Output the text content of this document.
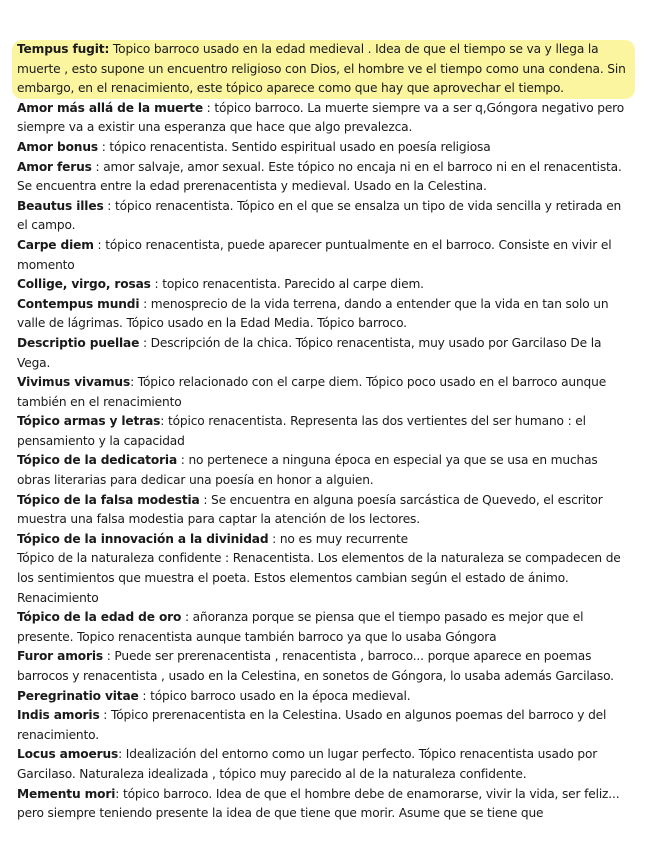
Tempus fugit: Topico barroco usado en la edad medieval . Idea de que el tiempo se va y llega la muerte , esto supone un encuentro religioso con Dios, el hombre ve el tiempo como una condena. Sin embargo, en el renacimiento, este tópico aparece como que hay que aprovechar el tiempo.

Amor más allá de la muerte : tópico barroco. La muerte siempre va a ser q,Góngora negativo pero siempre va a existir una esperanza que hace que algo prevalezca.

Amor bonus : tópico renacentista. Sentido espiritual usado en poesía religiosa

Amor ferus : amor salvaje, amor sexual. Este tópico no encaja ni en el barroco ni en el renacentista. Se encuentra entre la edad prerenacentista y medieval. Usado en la Celestina.

Beautus illes : tópico renacentista. Tópico en el que se ensalza un tipo de vida sencilla y retirada en el campo.

Carpe diem : tópico renacentista, puede aparecer puntualmente en el barroco. Consiste en vivir el momento

Collige, virgo, rosas : topico renacentista. Parecido al carpe diem.

Contempus mundi : menosprecio de la vida terrena, dando a entender que la vida en tan solo un valle de lágrimas. Tópico usado en la Edad Media. Tópico barroco.

Descriptio puellae : Descripción de la chica. Tópico renacentista, muy usado por Garcilaso De la Vega.

Vivimus vivamus: Tópico relacionado con el carpe diem. Tópico poco usado en el barroco aunque también en el renacimiento

Tópico armas y letras: tópico renacentista. Representa las dos vertientes del ser humano : el pensamiento y la capacidad

Tópico de la dedicatoria : no pertenece a ninguna época en especial ya que se usa en muchas obras literarias para dedicar una poesía en honor a alguien.

Tópico de la falsa modestia : Se encuentra en alguna poesía sarcástica de Quevedo, el escritor muestra una falsa modestia para captar la atención de los lectores.

Tópico de la innovación a la divinidad : no es muy recurrente

Tópico de la naturaleza confidente : Renacentista. Los elementos de la naturaleza se compadecen de los sentimientos que muestra el poeta. Estos elementos cambian según el estado de ánimo. Renacimiento

Tópico de la edad de oro : añoranza porque se piensa que el tiempo pasado es mejor que el presente. Topico renacentista aunque también barroco ya que lo usaba Góngora

Furor amoris : Puede ser prerenacentista , renacentista , barroco... porque aparece en poemas barrocos y renacentista , usado en la Celestina, en sonetos de Góngora, lo usaba además Garcilaso.

Peregrinatio vitae : tópico barroco usado en la época medieval.

Indis amoris : Tópico prerenacentista en la Celestina. Usado en algunos poemas del barroco y del renacimiento.

Locus amoerus: Idealización del entorno como un lugar perfecto. Tópico renacentista usado por Garcilaso. Naturaleza idealizada , tópico muy parecido al de la naturaleza confidente.

Mementu mori: tópico barroco. Idea de que el hombre debe de enamorarse, vivir la vida, ser feliz... pero siempre teniendo presente la idea de que tiene que morir. Asume que se tiene que
